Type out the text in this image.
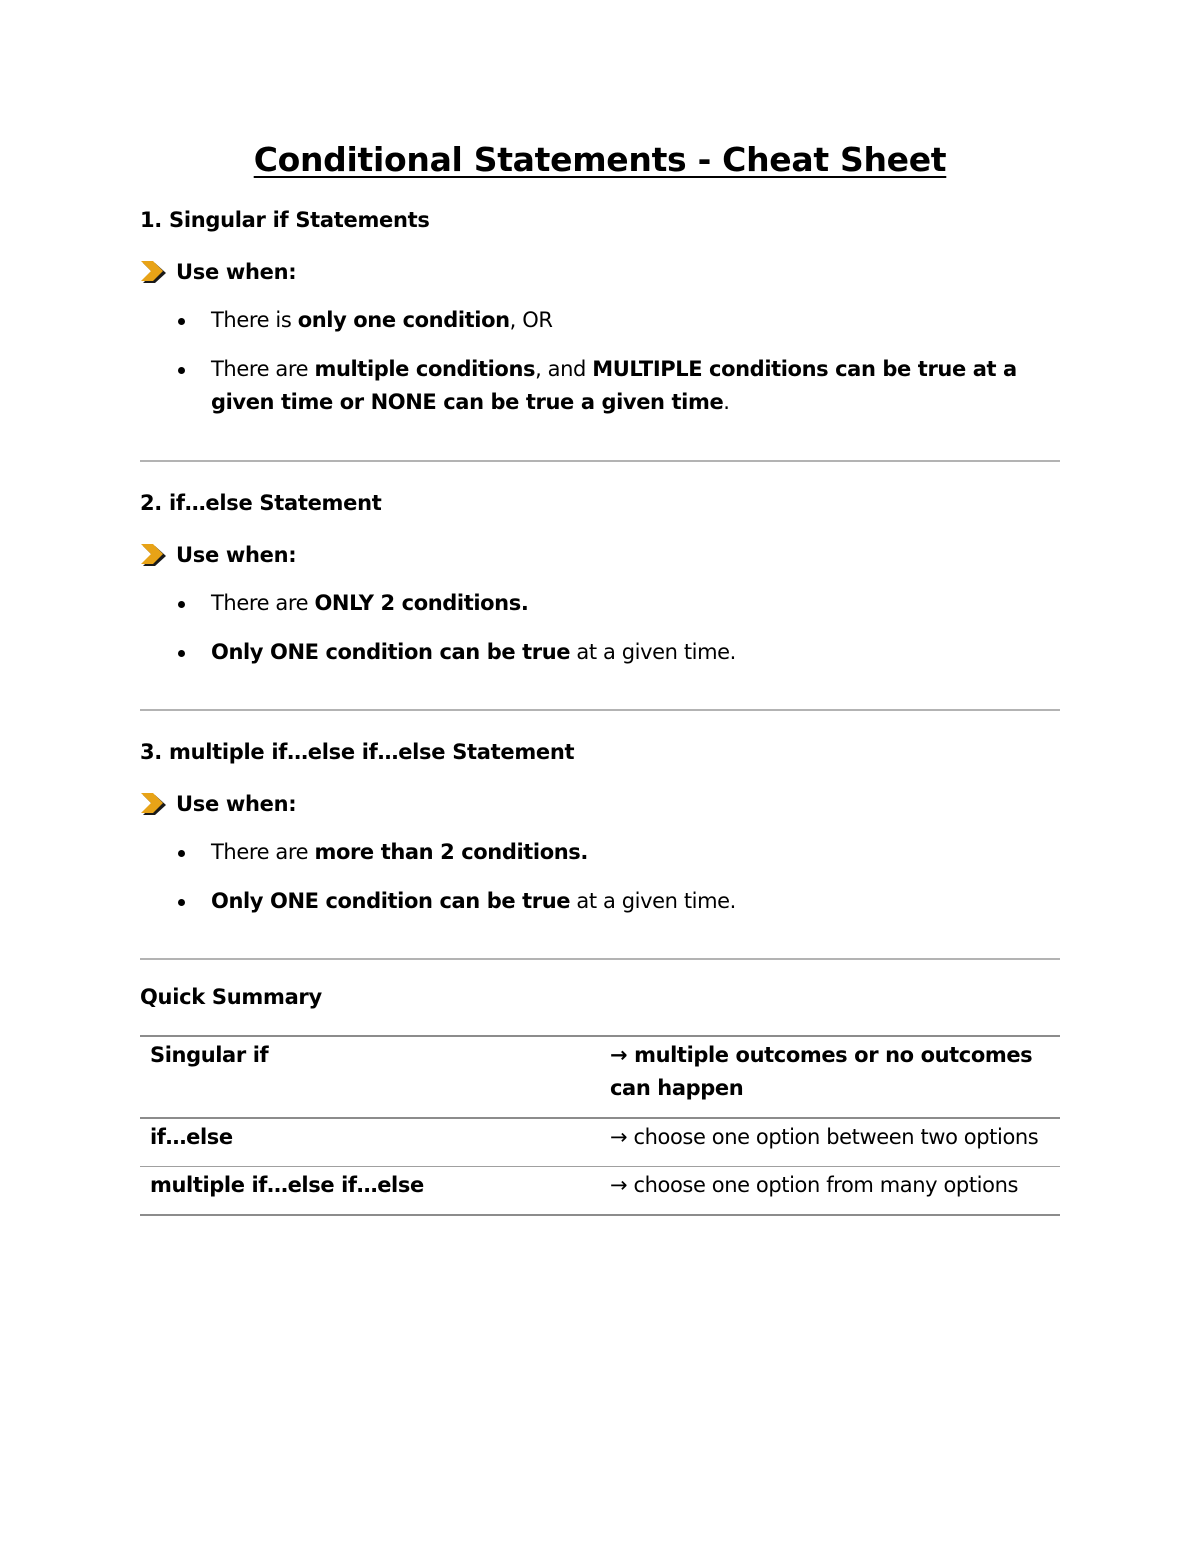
Conditional Statements - Cheat Sheet
1. Singular if Statements
Use when:
There is only one condition, OR
There are multiple conditions, and MULTIPLE conditions can be true at a given time or NONE can be true a given time.
2. if…else Statement
Use when:
There are ONLY 2 conditions.
Only ONE condition can be true at a given time.
3. multiple if…else if…else Statement
Use when:
There are more than 2 conditions.
Only ONE condition can be true at a given time.
Quick Summary
Singular if	→ multiple outcomes or no outcomes can happen
if…else	→ choose one option between two options
multiple if…else if…else	→ choose one option from many options
